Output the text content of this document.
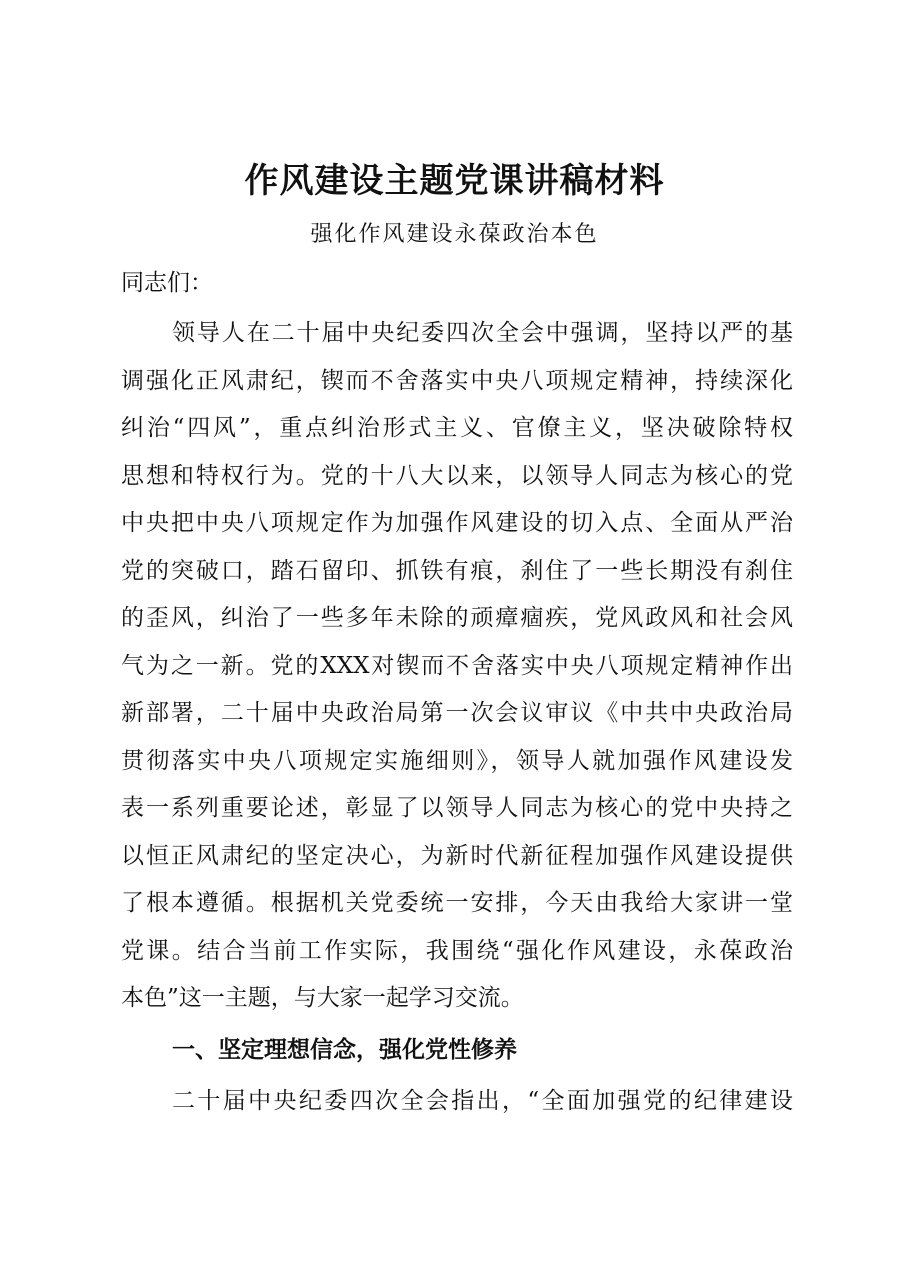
作风建设主题党课讲稿材料
强化作风建设永葆政治本色
同志们：
领导人在二十届中央纪委四次全会中强调，坚持以严的基
调强化正风肃纪，锲而不舍落实中央八项规定精神，持续深化
纠治“四风”，重点纠治形式主义、官僚主义，坚决破除特权
思想和特权行为。党的十八大以来，以领导人同志为核心的党
中央把中央八项规定作为加强作风建设的切入点、全面从严治
党的突破口，踏石留印、抓铁有痕，刹住了一些长期没有刹住
的歪风，纠治了一些多年未除的顽瘴痼疾，党风政风和社会风
气为之一新。党的XXX对锲而不舍落实中央八项规定精神作出
新部署，二十届中央政治局第一次会议审议《中共中央政治局
贯彻落实中央八项规定实施细则》，领导人就加强作风建设发
表一系列重要论述，彰显了以领导人同志为核心的党中央持之
以恒正风肃纪的坚定决心，为新时代新征程加强作风建设提供
了根本遵循。根据机关党委统一安排，今天由我给大家讲一堂
党课。结合当前工作实际，我围绕“强化作风建设，永葆政治
本色”这一主题，与大家一起学习交流。
一、坚定理想信念，强化党性修养
二十届中央纪委四次全会指出，“全面加强党的纪律建设
